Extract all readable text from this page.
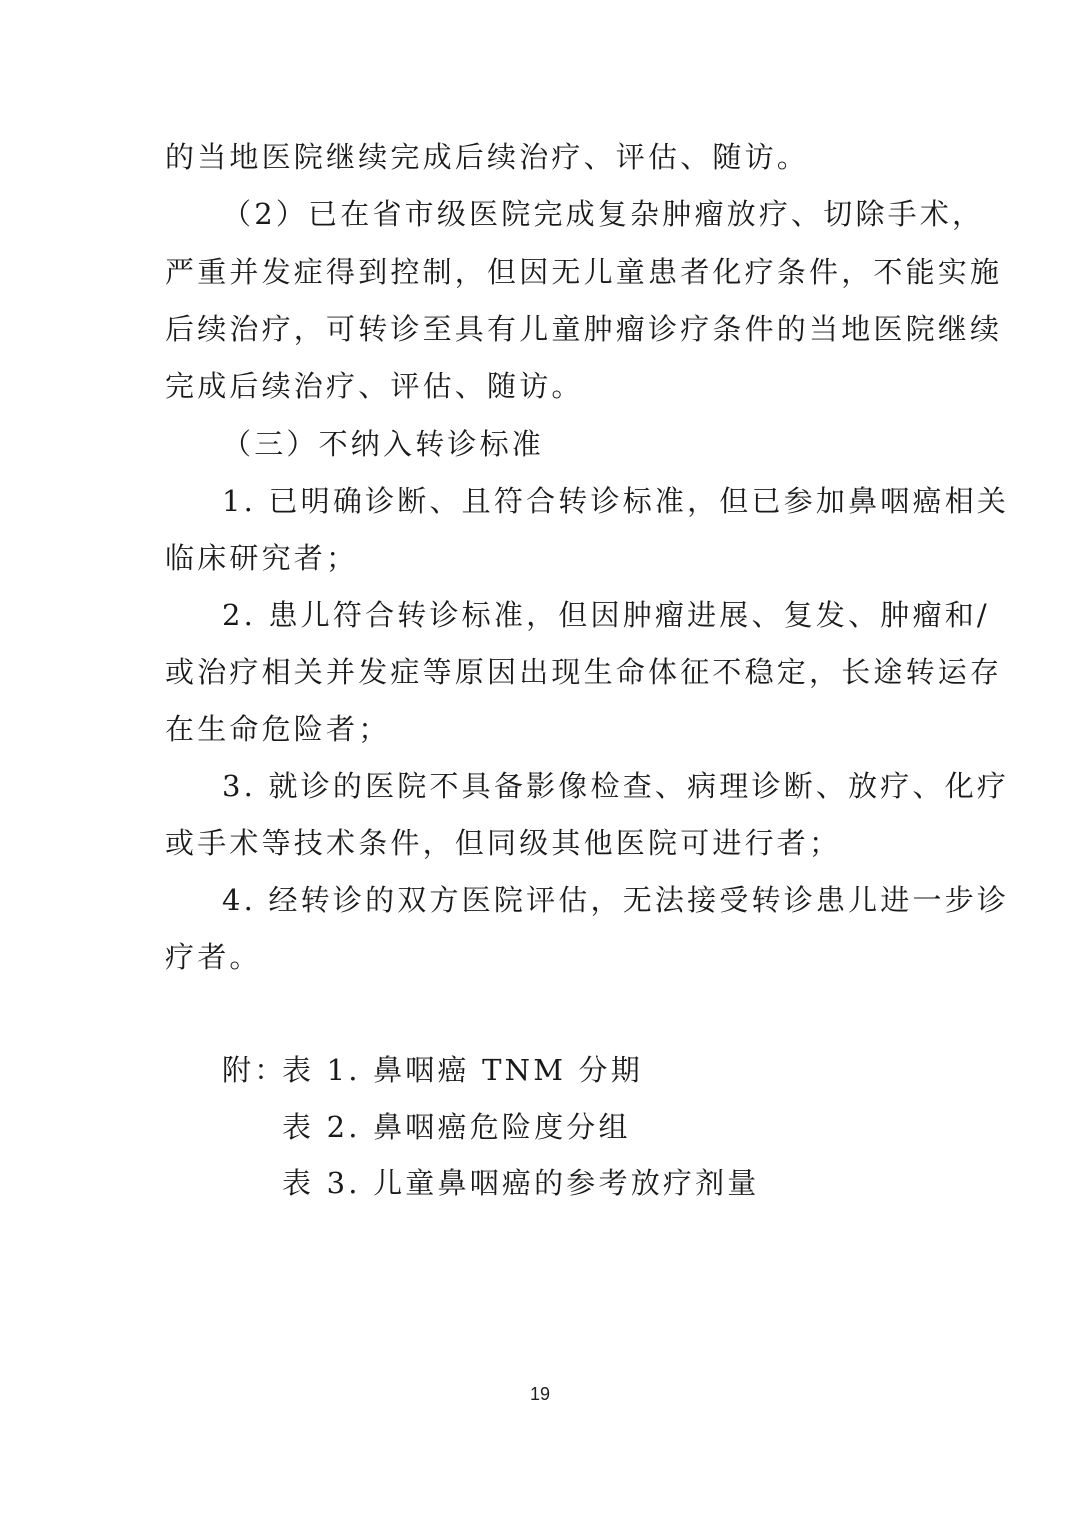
的当地医院继续完成后续治疗、评估、随访。
（2）已在省市级医院完成复杂肿瘤放疗、切除手术，
严重并发症得到控制，但因无儿童患者化疗条件，不能实施
后续治疗，可转诊至具有儿童肿瘤诊疗条件的当地医院继续
完成后续治疗、评估、随访。
（三）不纳入转诊标准
1. 已明确诊断、且符合转诊标准，但已参加鼻咽癌相关
临床研究者；
2. 患儿符合转诊标准，但因肿瘤进展、复发、肿瘤和/
或治疗相关并发症等原因出现生命体征不稳定，长途转运存
在生命危险者；
3. 就诊的医院不具备影像检查、病理诊断、放疗、化疗
或手术等技术条件，但同级其他医院可进行者；
4. 经转诊的双方医院评估，无法接受转诊患儿进一步诊
疗者。
附：
表 1. 鼻咽癌 TNM 分期
表 2. 鼻咽癌危险度分组
表 3. 儿童鼻咽癌的参考放疗剂量
19
